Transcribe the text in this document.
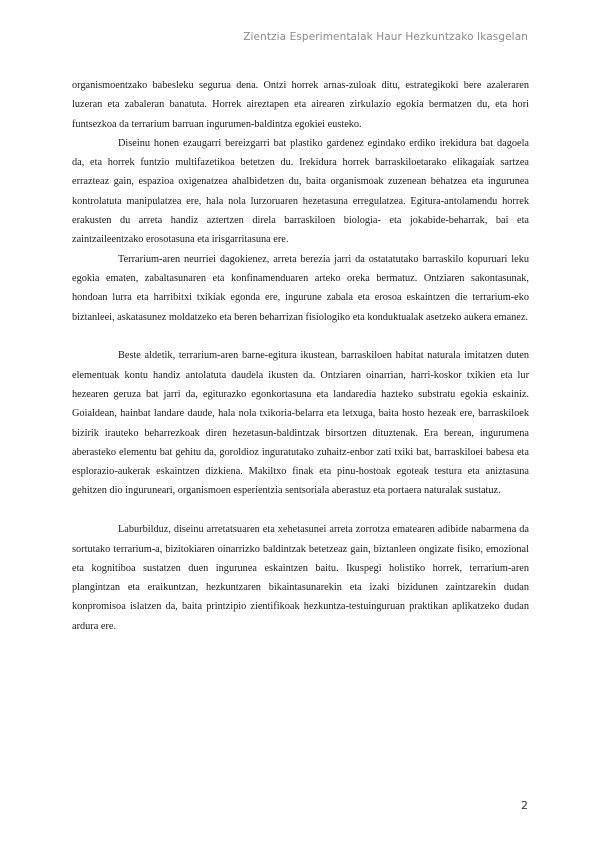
Zientzia Esperimentalak Haur Hezkuntzako Ikasgelan

organismoentzako babesleku segurua dena. Ontzi horrek arnas-zuloak ditu, estrategikoki bere azaleraren luzeran eta zabaleran banatuta. Horrek aireztapen eta airearen zirkulazio egokia bermatzen du, eta hori funtsezkoa da terrarium barruan ingurumen-baldintza egokiei eusteko.

Diseinu honen ezaugarri bereizgarri bat plastiko gardenez egindako erdiko irekidura bat dagoela da, eta horrek funtzio multifazetikoa betetzen du. Irekidura horrek barraskiloetarako elikagaiak sartzea errazteaz gain, espazioa oxigenatzea ahalbidetzen du, baita organismoak zuzenean behatzea eta ingurunea kontrolatuta manipulatzea ere, hala nola lurzoruaren hezetasuna erregulatzea. Egitura-antolamendu horrek erakusten du arreta handiz aztertzen direla barraskiloen biologia- eta jokabide-beharrak, bai eta zaintzaileentzako erosotasuna eta irisgarritasuna ere.

Terrarium-aren neurriei dagokienez, arreta berezia jarri da ostatatutako barraskilo kopuruari leku egokia ematen, zabaltasunaren eta konfinamenduaren arteko oreka bermatuz. Ontziaren sakontasunak, hondoan lurra eta harribitxi txikiak egonda ere, ingurune zabala eta erosoa eskaintzen die terrarium-eko biztanleei, askatasunez moldatzeko eta beren beharrizan fisiologiko eta konduktualak asetzeko aukera emanez.

Beste aldetik, terrarium-aren barne-egitura ikustean, barraskiloen habitat naturala imitatzen duten elementuak kontu handiz antolatuta daudela ikusten da. Ontziaren oinarrian, harri-koskor txikien eta lur hezearen geruza bat jarri da, egiturazko egonkortasuna eta landaredia hazteko substratu egokia eskainiz. Goialdean, hainbat landare daude, hala nola txikoria-belarra eta letxuga, baita hosto hezeak ere, barraskiloek bizirik irauteko beharrezkoak diren hezetasun-baldintzak birsortzen dituztenak. Era berean, ingurumena aberasteko elementu bat gehitu da, goroldioz inguratutako zuhaitz-enbor zati txiki bat, barraskiloei babesa eta esplorazio-aukerak eskaintzen dizkiena. Makiltxo finak eta pinu-hostoak egoteak testura eta aniztasuna gehitzen dio inguruneari, organismoen esperientzia sentsoriala aberastuz eta portaera naturalak sustatuz.

Laburbilduz, diseinu arretatsuaren eta xehetasunei arreta zorrotza ematearen adibide nabarmena da sortutako terrarium-a, bizitokiaren oinarrizko baldintzak betetzeaz gain, biztanleen ongizate fisiko, emozional eta kognitiboa sustatzen duen ingurunea eskaintzen baitu. Ikuspegi holistiko horrek, terrarium-aren plangintzan eta eraikuntzan, hezkuntzaren bikaintasunarekin eta izaki bizidunen zaintzarekin dudan konpromisoa islatzen da, baita printzipio zientifikoak hezkuntza-testuinguruan praktikan aplikatzeko dudan ardura ere.

2
